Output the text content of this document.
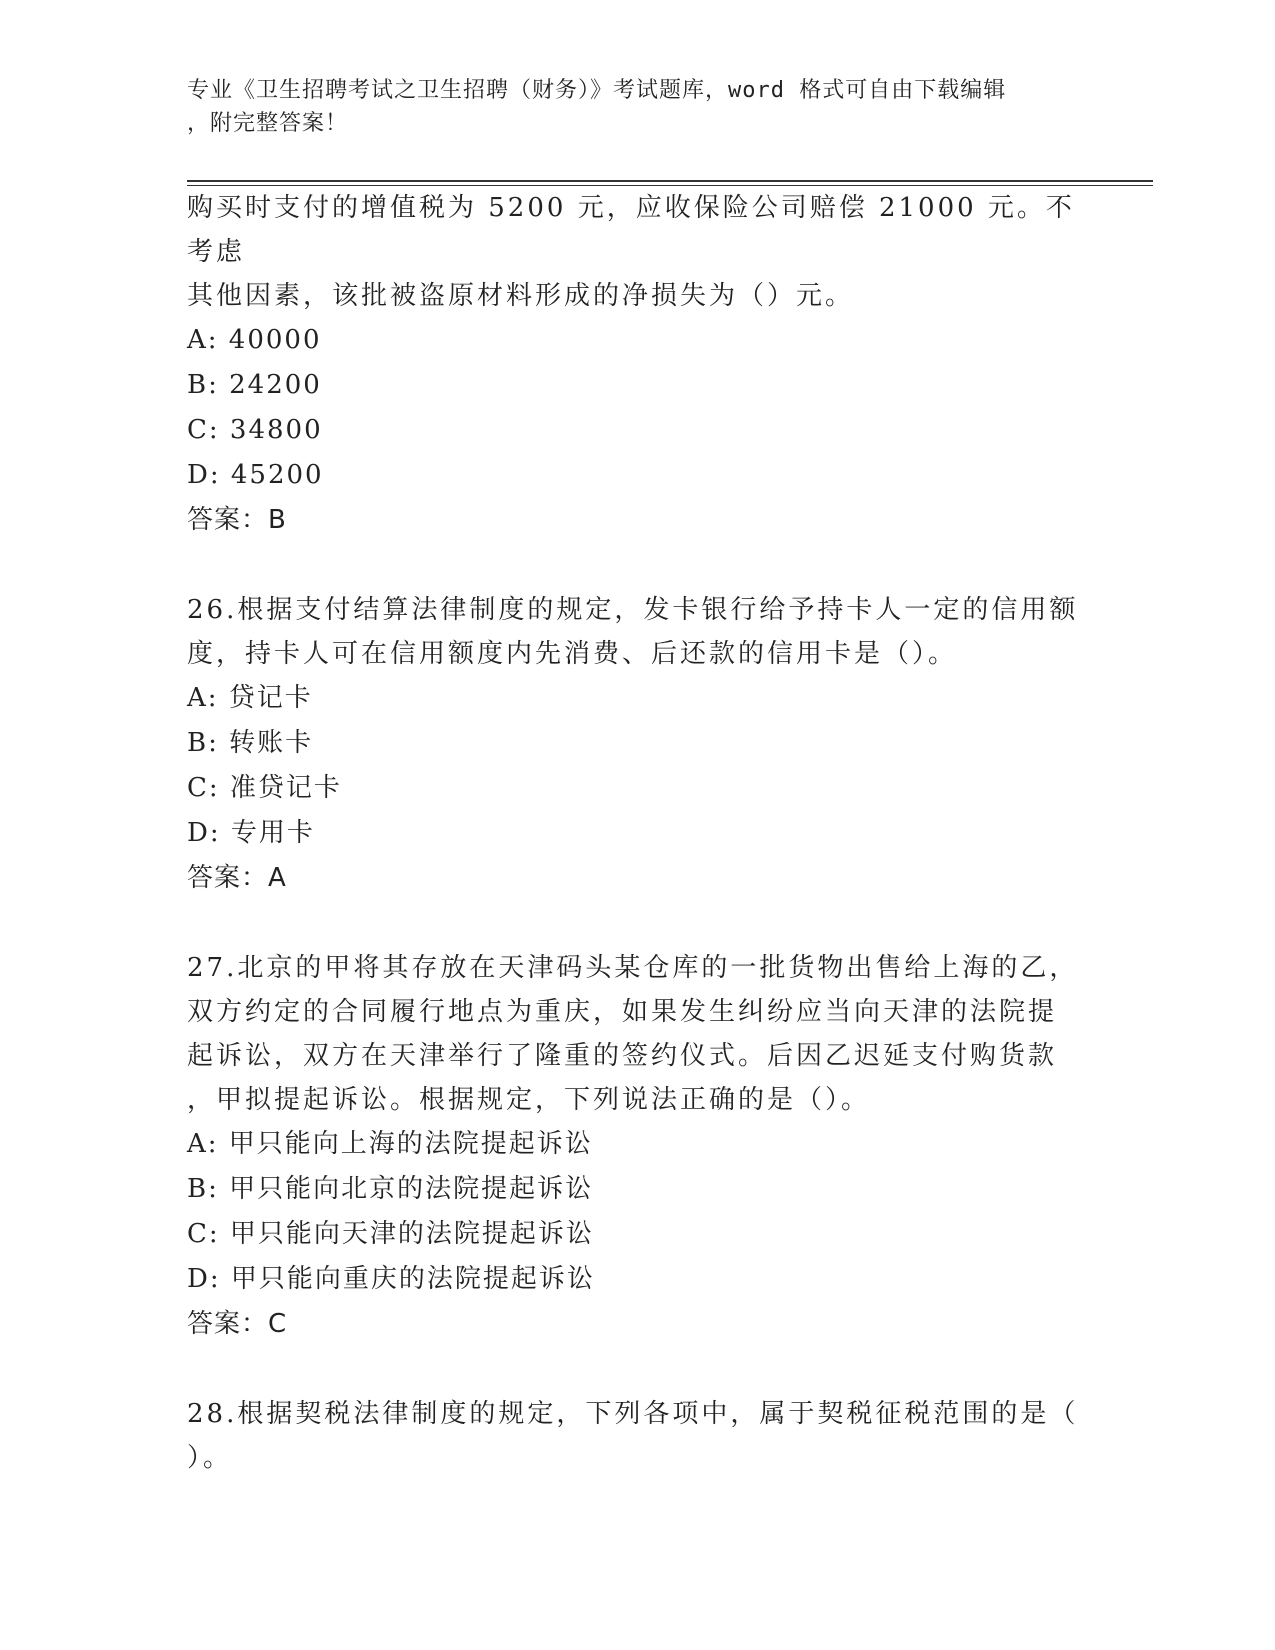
专业《卫生招聘考试之卫生招聘（财务）》考试题库，word 格式可自由下载编辑
，附完整答案！

购买时支付的增值税为 5200 元，应收保险公司赔偿 21000 元。不考虑

其他因素，该批被盗原材料形成的净损失为（）元。

A: 40000

B: 24200

C: 34800

D: 45200

答案：B

26.根据支付结算法律制度的规定，发卡银行给予持卡人一定的信用额

度，持卡人可在信用额度内先消费、后还款的信用卡是（）。

A: 贷记卡

B: 转账卡

C: 准贷记卡

D: 专用卡

答案：A

27.北京的甲将其存放在天津码头某仓库的一批货物出售给上海的乙，

双方约定的合同履行地点为重庆，如果发生纠纷应当向天津的法院提

起诉讼，双方在天津举行了隆重的签约仪式。后因乙迟延支付购货款

，甲拟提起诉讼。根据规定，下列说法正确的是（）。

A: 甲只能向上海的法院提起诉讼

B: 甲只能向北京的法院提起诉讼

C: 甲只能向天津的法院提起诉讼

D: 甲只能向重庆的法院提起诉讼

答案：C

28.根据契税法律制度的规定，下列各项中，属于契税征税范围的是（

）。
